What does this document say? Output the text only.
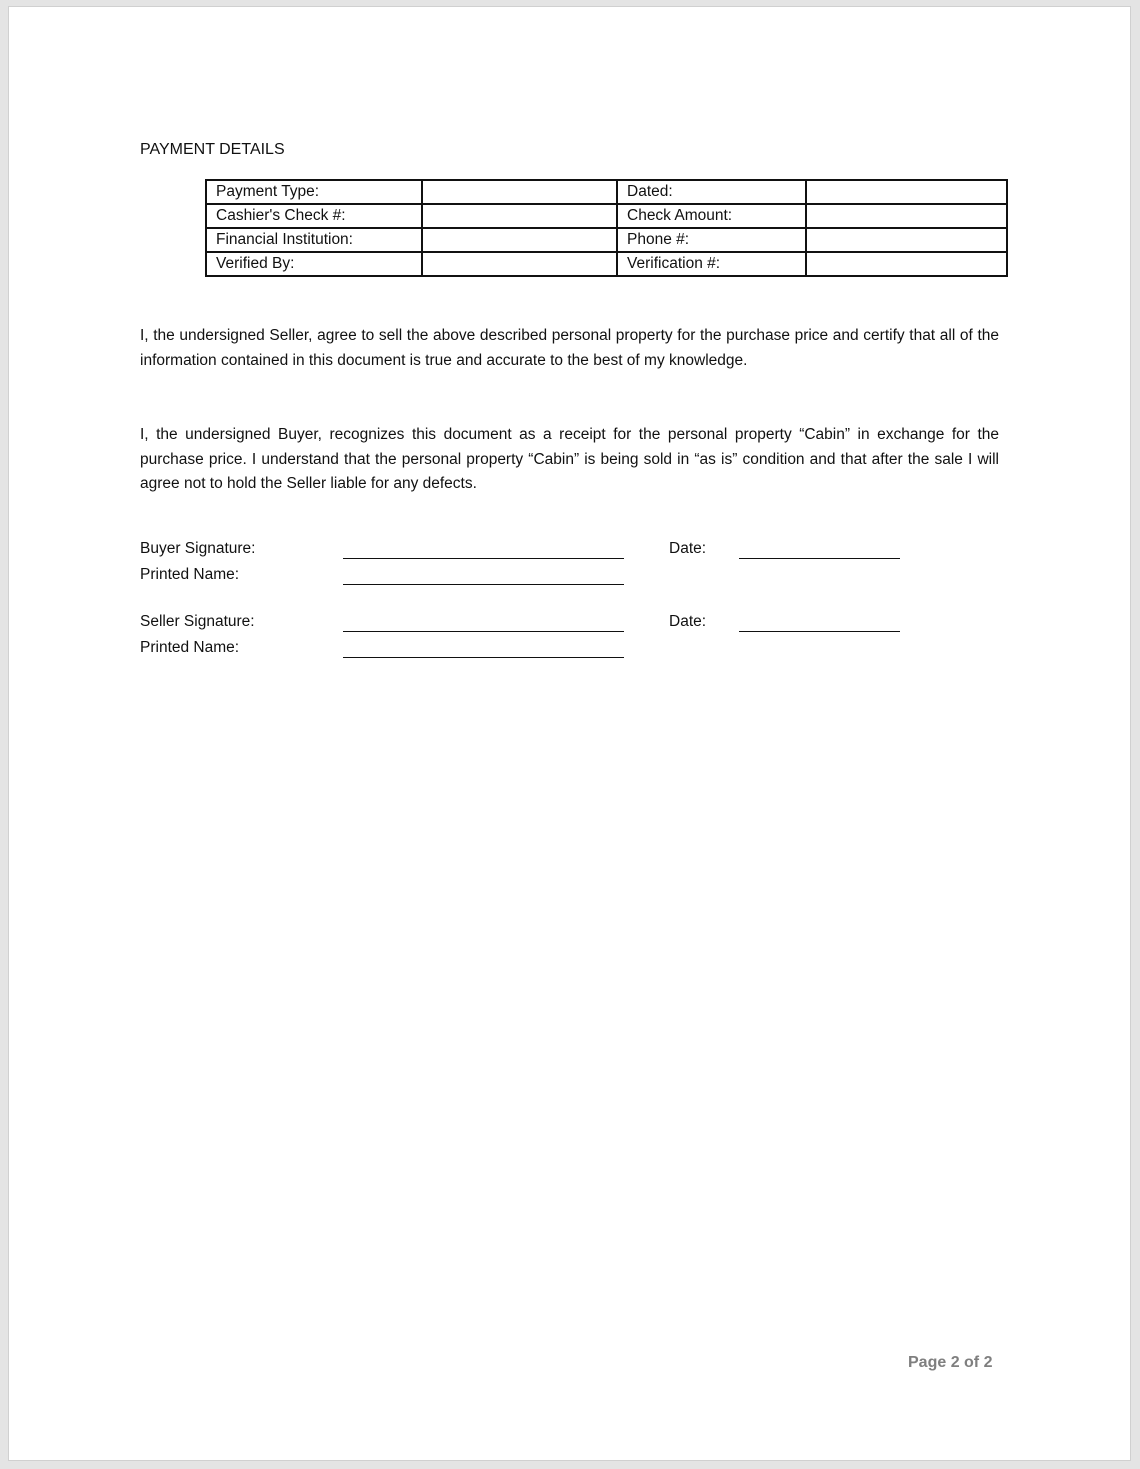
PAYMENT DETAILS
Payment Type:		Dated:	
Cashier's Check #:		Check Amount:	
Financial Institution:		Phone #:	
Verified By:		Verification #:	
I, the undersigned Seller, agree to sell the above described personal property for the purchase price and certify that all of the information contained in this document is true and accurate to the best of my knowledge.
I, the undersigned Buyer, recognizes this document as a receipt for the personal property “Cabin” in exchange for the purchase price. I understand that the personal property “Cabin” is being sold in “as is” condition and that after the sale I will agree not to hold the Seller liable for any defects.
Buyer Signature:	Date:
Printed Name:
Seller Signature:	Date:
Printed Name:
Page 2 of 2
